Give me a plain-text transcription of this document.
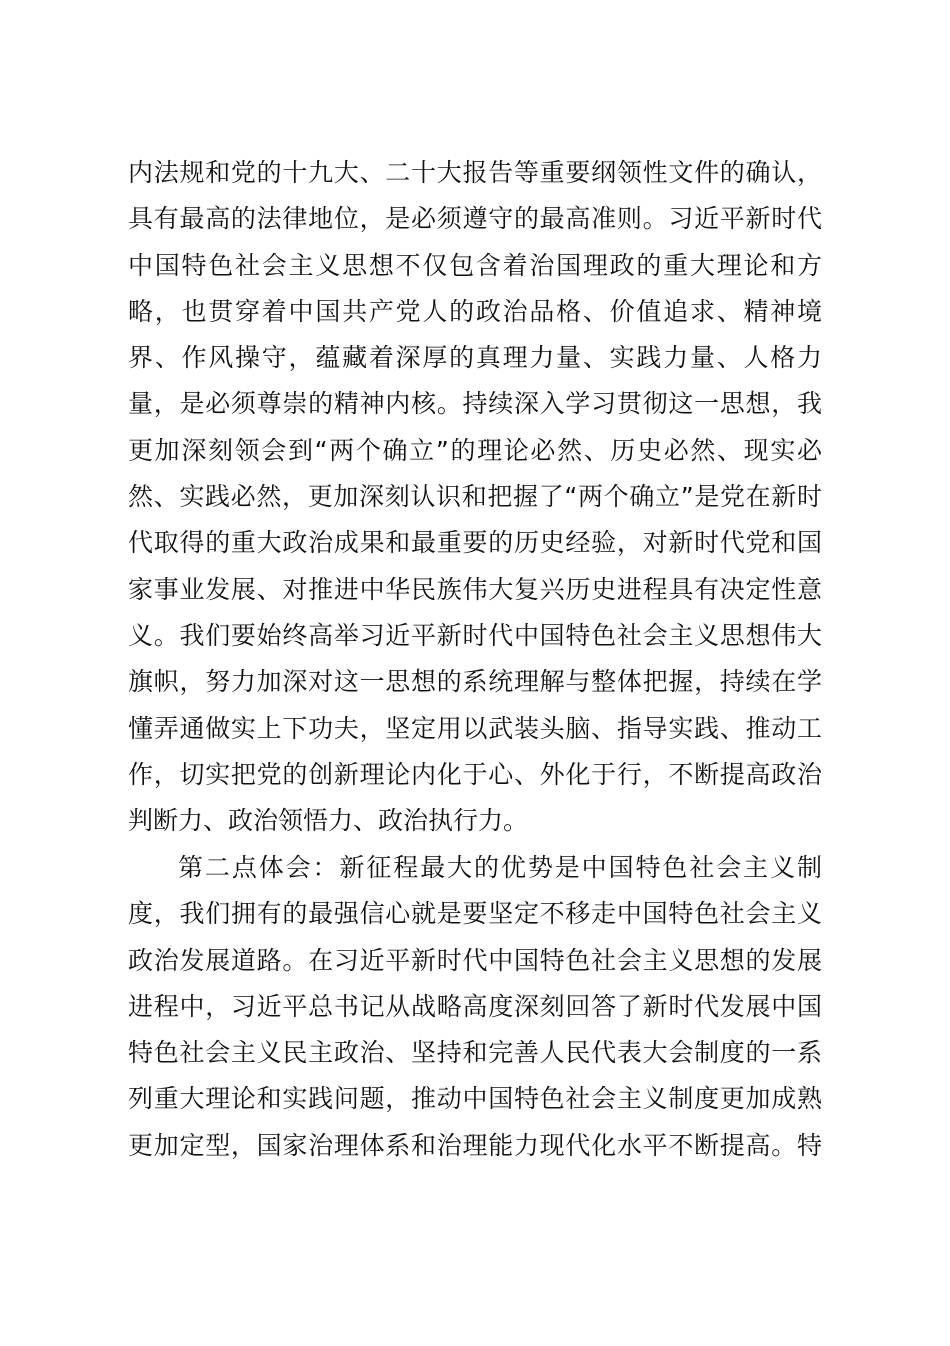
内法规和党的十九大、二十大报告等重要纲领性文件的确认，
具有最高的法律地位，是必须遵守的最高准则。习近平新时代
中国特色社会主义思想不仅包含着治国理政的重大理论和方
略，也贯穿着中国共产党人的政治品格、价值追求、精神境
界、作风操守，蕴藏着深厚的真理力量、实践力量、人格力
量，是必须尊崇的精神内核。持续深入学习贯彻这一思想，我
更加深刻领会到“两个确立”的理论必然、历史必然、现实必
然、实践必然，更加深刻认识和把握了“两个确立”是党在新时
代取得的重大政治成果和最重要的历史经验，对新时代党和国
家事业发展、对推进中华民族伟大复兴历史进程具有决定性意
义。我们要始终高举习近平新时代中国特色社会主义思想伟大
旗帜，努力加深对这一思想的系统理解与整体把握，持续在学
懂弄通做实上下功夫，坚定用以武装头脑、指导实践、推动工
作，切实把党的创新理论内化于心、外化于行，不断提高政治
判断力、政治领悟力、政治执行力。
第二点体会：新征程最大的优势是中国特色社会主义制
度，我们拥有的最强信心就是要坚定不移走中国特色社会主义
政治发展道路。在习近平新时代中国特色社会主义思想的发展
进程中，习近平总书记从战略高度深刻回答了新时代发展中国
特色社会主义民主政治、坚持和完善人民代表大会制度的一系
列重大理论和实践问题，推动中国特色社会主义制度更加成熟
更加定型，国家治理体系和治理能力现代化水平不断提高。特
